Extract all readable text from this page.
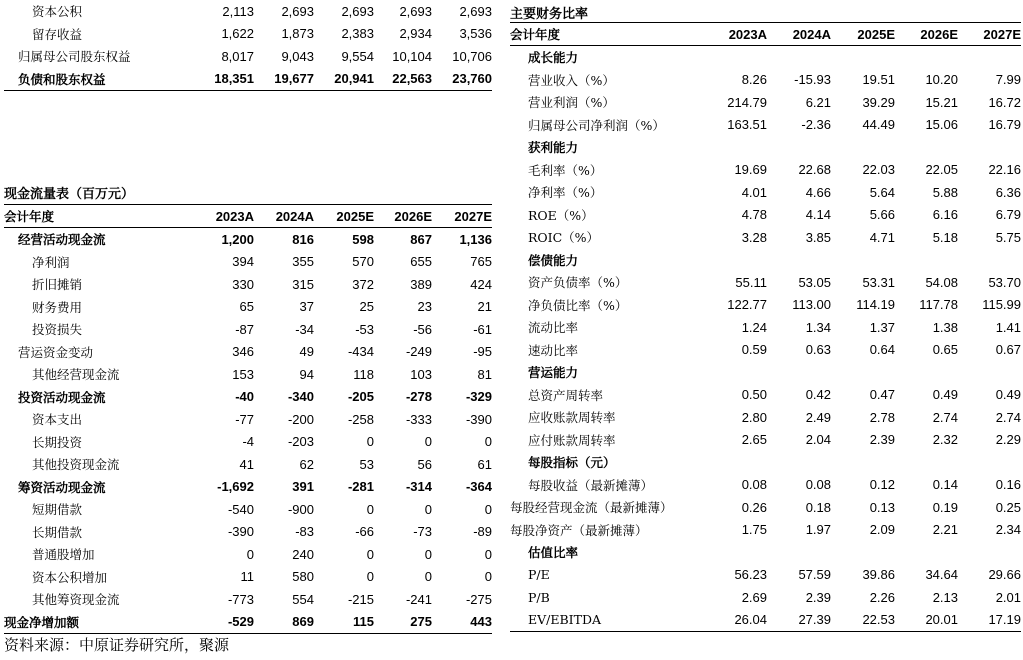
资本公积	2,113	2,693	2,693	2,693	2,693
留存收益	1,622	1,873	2,383	2,934	3,536
归属母公司股东权益	8,017	9,043	9,554	10,104	10,706
负债和股东权益	18,351	19,677	20,941	22,563	23,760
现金流量表（百万元）
会计年度	2023A	2024A	2025E	2026E	2027E
经营活动现金流	1,200	816	598	867	1,136
净利润	394	355	570	655	765
折旧摊销	330	315	372	389	424
财务费用	65	37	25	23	21
投资损失	-87	-34	-53	-56	-61
营运资金变动	346	49	-434	-249	-95
其他经营现金流	153	94	118	103	81
投资活动现金流	-40	-340	-205	-278	-329
资本支出	-77	-200	-258	-333	-390
长期投资	-4	-203	0	0	0
其他投资现金流	41	62	53	56	61
筹资活动现金流	-1,692	391	-281	-314	-364
短期借款	-540	-900	0	0	0
长期借款	-390	-83	-66	-73	-89
普通股增加	0	240	0	0	0
资本公积增加	11	580	0	0	0
其他筹资现金流	-773	554	-215	-241	-275
现金净增加额	-529	869	115	275	443
主要财务比率
会计年度	2023A	2024A	2025E	2026E	2027E
成长能力					
营业收入（%）	8.26	-15.93	19.51	10.20	7.99
营业利润（%）	214.79	6.21	39.29	15.21	16.72
归属母公司净利润（%）	163.51	-2.36	44.49	15.06	16.79
获利能力					
毛利率（%）	19.69	22.68	22.03	22.05	22.16
净利率（%）	4.01	4.66	5.64	5.88	6.36
ROE（%）	4.78	4.14	5.66	6.16	6.79
ROIC（%）	3.28	3.85	4.71	5.18	5.75
偿债能力					
资产负债率（%）	55.11	53.05	53.31	54.08	53.70
净负债比率（%）	122.77	113.00	114.19	117.78	115.99
流动比率	1.24	1.34	1.37	1.38	1.41
速动比率	0.59	0.63	0.64	0.65	0.67
营运能力					
总资产周转率	0.50	0.42	0.47	0.49	0.49
应收账款周转率	2.80	2.49	2.78	2.74	2.74
应付账款周转率	2.65	2.04	2.39	2.32	2.29
每股指标（元）					
每股收益（最新摊薄）	0.08	0.08	0.12	0.14	0.16
每股经营现金流（最新摊薄）	0.26	0.18	0.13	0.19	0.25
每股净资产（最新摊薄）	1.75	1.97	2.09	2.21	2.34
估值比率					
P/E	56.23	57.59	39.86	34.64	29.66
P/B	2.69	2.39	2.26	2.13	2.01
EV/EBITDA	26.04	27.39	22.53	20.01	17.19
资料来源：中原证券研究所，聚源
